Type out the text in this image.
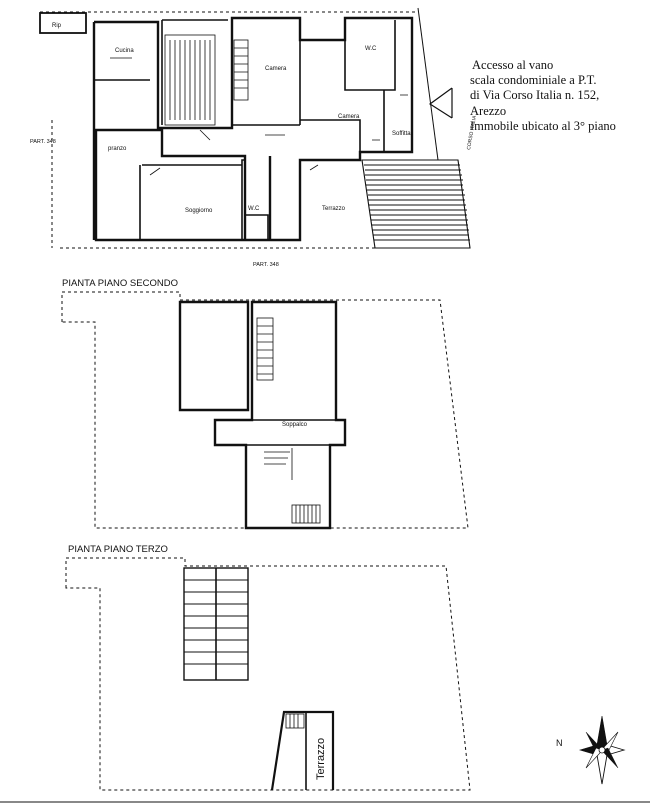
Rip
Cucina
pranzo
Soggiorno
Camera
Camera
W.C
W.C
Soffitta
Terrazzo
PART. 348
PART. 348
CORSO ITALIA
PIANTA PIANO SECONDO
Soppalco
PIANTA PIANO TERZO
Terrazzo	N
Accesso al vano
scala condominiale a P.T.
di Via Corso Italia n. 152,
Arezzo
Immobile ubicato al 3° piano
